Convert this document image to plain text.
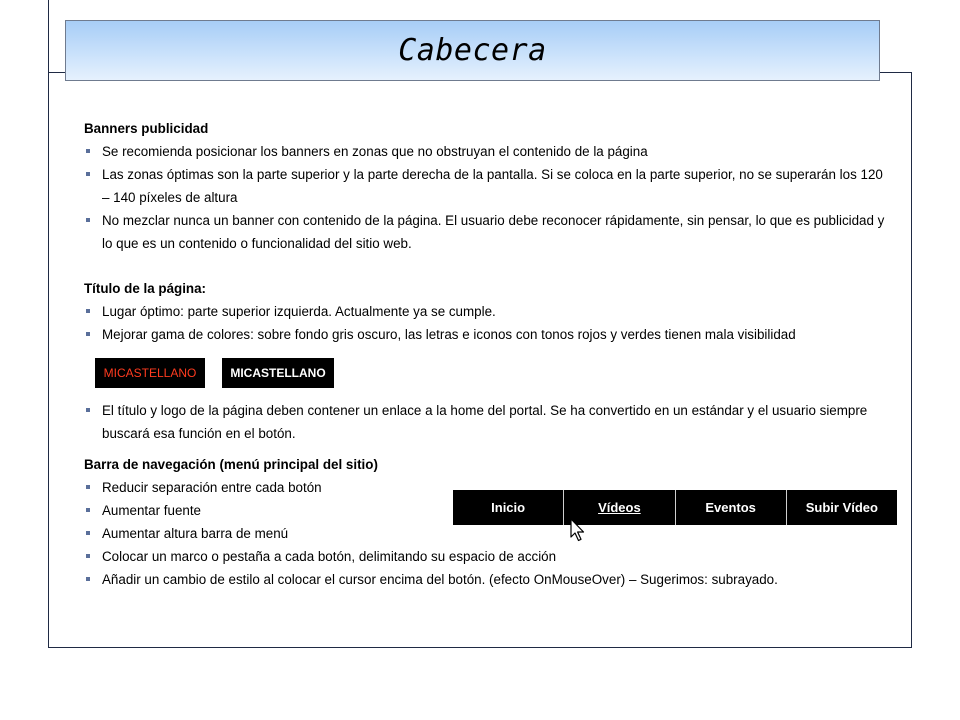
Cabecera

Banners publicidad

Se recomienda posicionar los banners en zonas que no obstruyan el contenido de la página
Las zonas óptimas son la parte superior y la parte derecha de la pantalla. Si se coloca en la parte superior, no se superarán los 120 – 140 píxeles de altura
No mezclar nunca un banner con contenido de la página. El usuario debe reconocer rápidamente, sin pensar, lo que es publicidad y lo que es un contenido o funcionalidad del sitio web.

Título de la página:

Lugar óptimo: parte superior izquierda. Actualmente ya se cumple.
Mejorar gama de colores: sobre fondo gris oscuro, las letras e iconos con tonos rojos y verdes tienen mala visibilidad
MICASTELLANO	MICASTELLANO
El título y logo de la página deben contener un enlace a la home del portal. Se ha convertido en un estándar y el usuario siempre buscará esa función en el botón.

Barra de navegación (menú principal del sitio)

Reducir separación entre cada botón
Aumentar fuente
Aumentar altura barra de menú
Colocar un marco o pestaña a cada botón, delimitando su espacio de acción
Añadir un cambio de estilo al colocar el cursor encima del botón. (efecto OnMouseOver) – Sugerimos: subrayado.
Inicio	Vídeos	Eventos	Subir Vídeo
